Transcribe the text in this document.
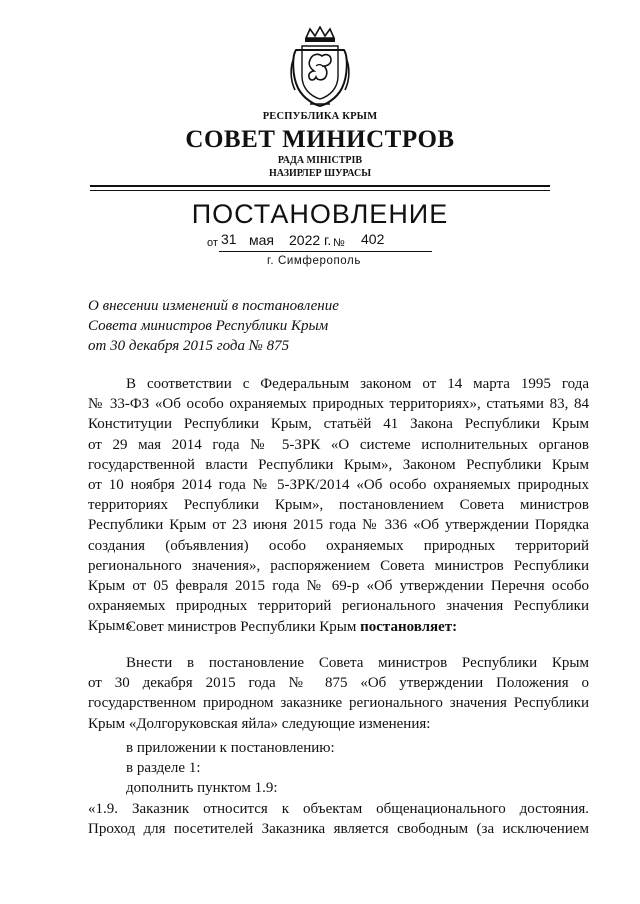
РЕСПУБЛИКА КРЫМ
СОВЕТ МИНИСТРОВ
РАДА МІНІСТРІВ
НАЗИРЛЕР ШУРАСЫ
ПОСТАНОВЛЕНИЕ
от 31 мая 2022 г. № 402
г. Симферополь
О внесении изменений в постановление
Совета министров Республики Крым
от 30 декабря 2015 года № 875
В соответствии с Федеральным законом от 14 марта 1995 года
№ 33-ФЗ «Об особо охраняемых природных территориях», статьями 83, 84
Конституции Республики Крым, статьёй 41 Закона Республики Крым
от 29 мая 2014 года № 5-ЗРК «О системе исполнительных органов
государственной власти Республики Крым», Законом Республики Крым
от 10 ноября 2014 года № 5-ЗРК/2014 «Об особо охраняемых природных
территориях Республики Крым», постановлением Совета министров
Республики Крым от 23 июня 2015 года № 336 «Об утверждении Порядка
создания (объявления) особо охраняемых природных территорий
регионального значения», распоряжением Совета министров Республики
Крым от 05 февраля 2015 года № 69-р «Об утверждении Перечня особо
охраняемых природных территорий регионального значения Республики
Крым»
Совет министров Республики Крым постановляет:
Внести в постановление Совета министров Республики Крым
от 30 декабря 2015 года № 875 «Об утверждении Положения о
государственном природном заказнике регионального значения Республики
Крым «Долгоруковская яйла» следующие изменения:
в приложении к постановлению:
в разделе 1:
дополнить пунктом 1.9:
«1.9. Заказник относится к объектам общенационального достояния.
Проход для посетителей Заказника является свободным (за исключением
